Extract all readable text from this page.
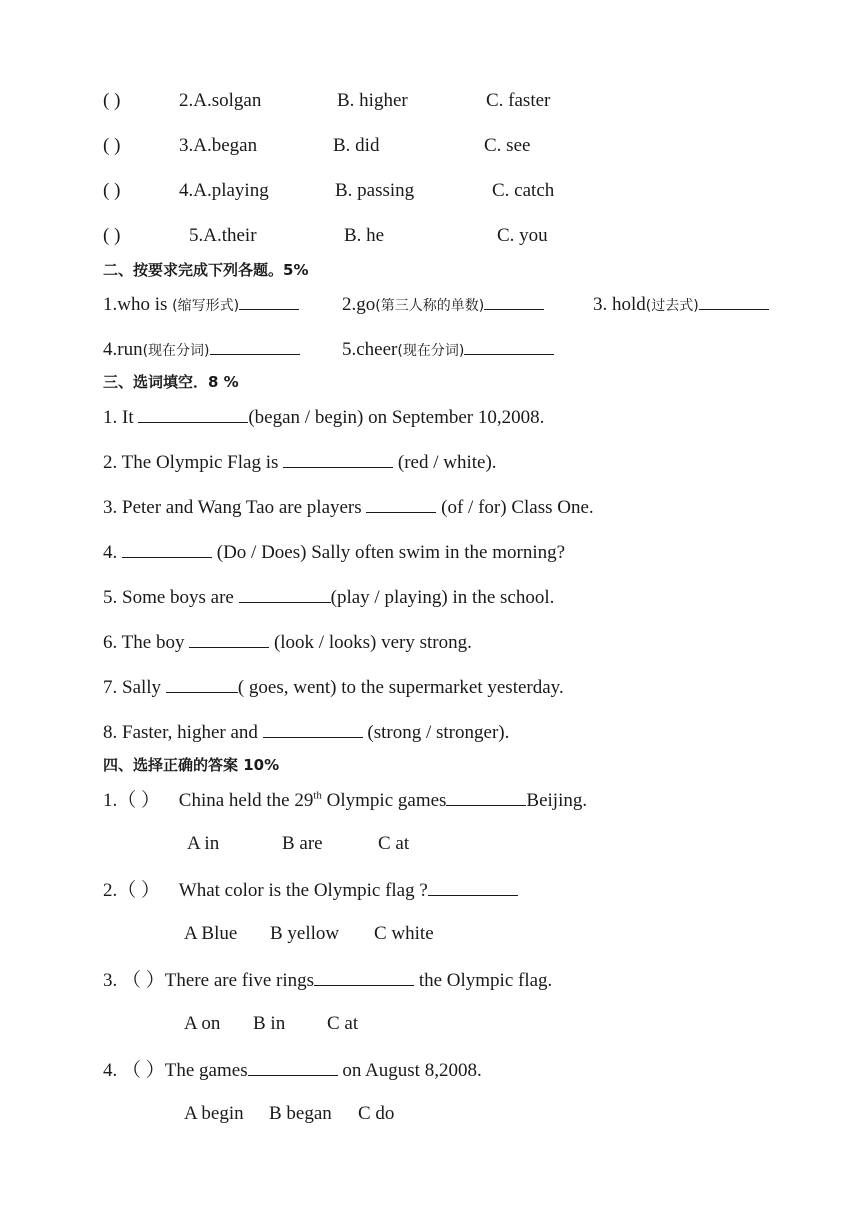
( )	2.A.solgan	B. higher	C. faster
( )	3.A.began	B. did	C. see
( )	4.A.playing	B. passing	C. catch
( )	5.A.their	B. he	C. you
二、按要求完成下列各题。5%
1.who is (缩写形式)	2.go(第三人称的单数)	3. hold(过去式)
4.run(现在分词)	5.cheer(现在分词)
三、选词填空．8 %
1. It	(began / begin) on September 10,2008.
2. The Olympic Flag is	(red / white).
3. Peter and Wang Tao are players	(of / for) Class One.
4.	(Do / Does) Sally often swim in the morning?
5. Some boys are	(play / playing) in the school.
6. The boy	(look / looks) very strong.
7. Sally	( goes, went) to the supermarket yesterday.
8. Faster, higher and	(strong / stronger).
四、选择正确的答案 10%
1.（ ） China held the 29th Olympic games	Beijing.
A in	B are	C at
2.（ ） What color is the Olympic flag ?
A Blue B yellow C white
3. （ ）There are five rings	the Olympic flag.
A on B in C at
4. （ ）The games	on August 8,2008.
A begin B began C do
